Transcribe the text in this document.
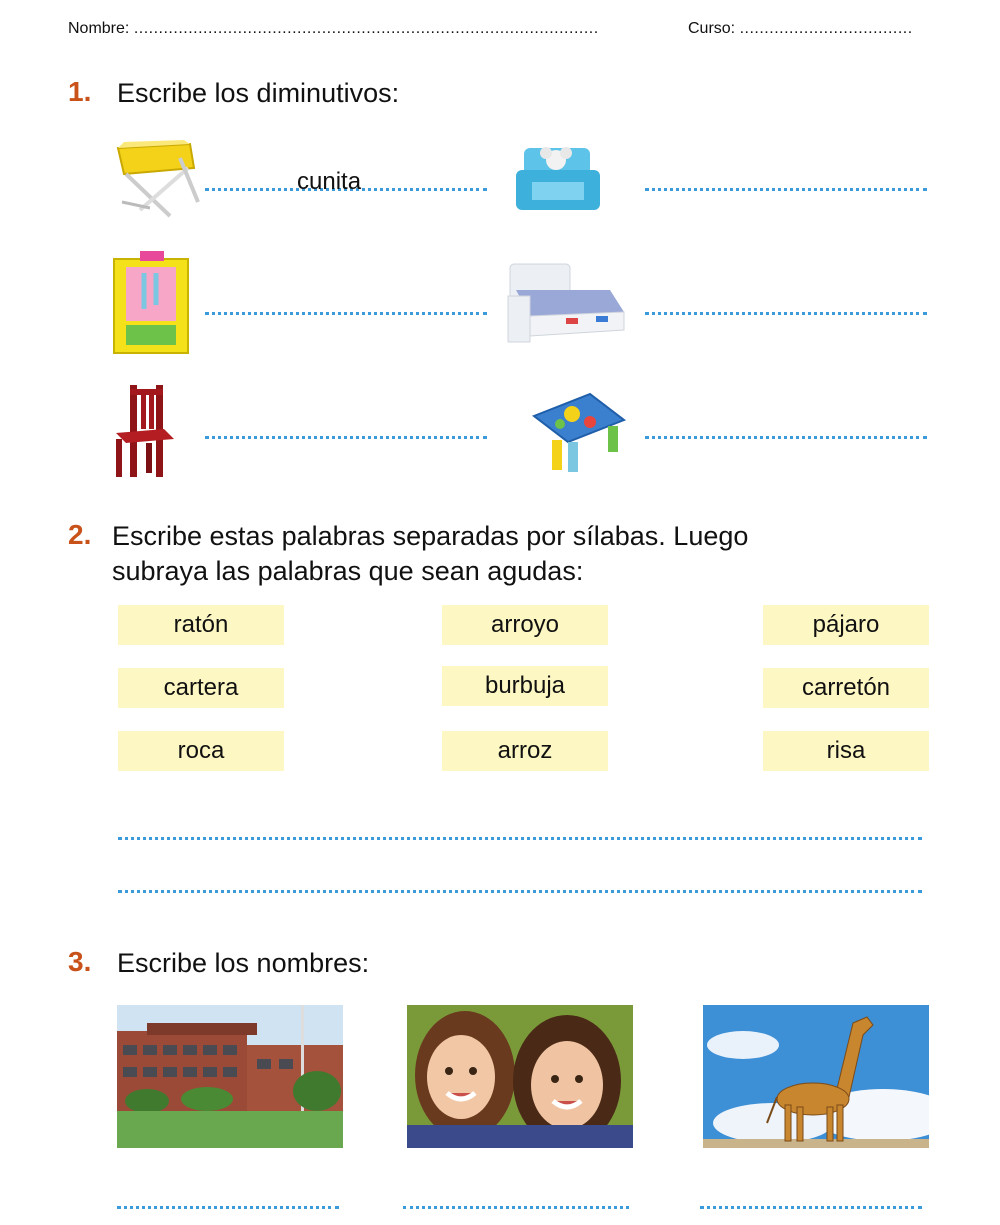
Nombre: ..............................................................................................	Curso: ...................................
1. Escribe los diminutivos:
cunita
2. Escribe estas palabras separadas por sílabas. Luego
subraya las palabras que sean agudas:
ratón	arroyo	pájaro
cartera	burbuja	carretón
roca	arroz	risa
3. Escribe los nombres:
